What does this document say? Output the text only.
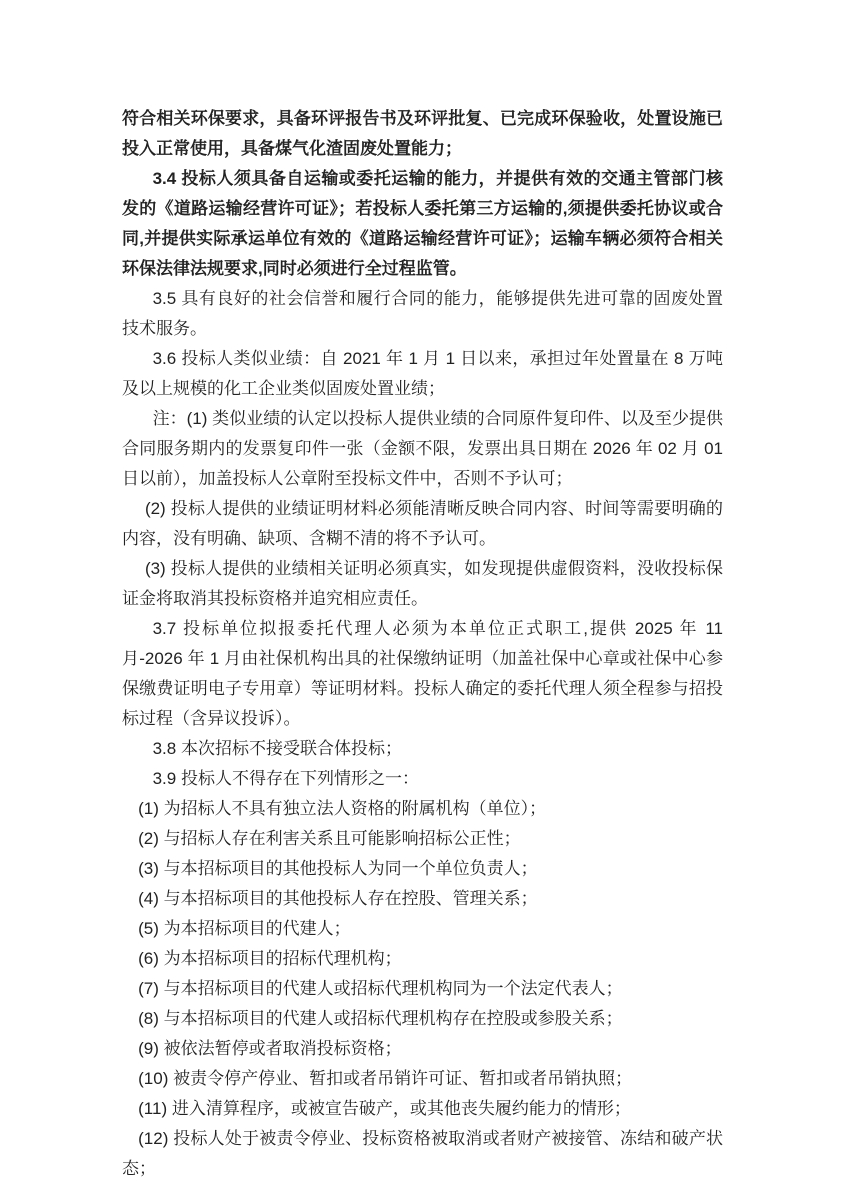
符合相关环保要求，具备环评报告书及环评批复、已完成环保验收，处置设施已投入正常使用，具备煤气化渣固废处置能力；

3.4 投标人须具备自运输或委托运输的能力，并提供有效的交通主管部门核发的《道路运输经营许可证》；若投标人委托第三方运输的,须提供委托协议或合同,并提供实际承运单位有效的《道路运输经营许可证》；运输车辆必须符合相关环保法律法规要求,同时必须进行全过程监管。

3.5 具有良好的社会信誉和履行合同的能力，能够提供先进可靠的固废处置技术服务。

3.6 投标人类似业绩：自 2021 年 1 月 1 日以来，承担过年处置量在 8 万吨及以上规模的化工企业类似固废处置业绩；

注：(1) 类似业绩的认定以投标人提供业绩的合同原件复印件、以及至少提供合同服务期内的发票复印件一张（金额不限，发票出具日期在 2026 年 02 月 01 日以前），加盖投标人公章附至投标文件中，否则不予认可；

(2) 投标人提供的业绩证明材料必须能清晰反映合同内容、时间等需要明确的内容，没有明确、缺项、含糊不清的将不予认可。

(3) 投标人提供的业绩相关证明必须真实，如发现提供虚假资料，没收投标保证金将取消其投标资格并追究相应责任。

3.7 投标单位拟报委托代理人必须为本单位正式职工,提供 2025 年 11 月-2026 年 1 月由社保机构出具的社保缴纳证明（加盖社保中心章或社保中心参保缴费证明电子专用章）等证明材料。投标人确定的委托代理人须全程参与招投标过程（含异议投诉）。

3.8 本次招标不接受联合体投标；

3.9 投标人不得存在下列情形之一：

(1) 为招标人不具有独立法人资格的附属机构（单位）；

(2) 与招标人存在利害关系且可能影响招标公正性；

(3) 与本招标项目的其他投标人为同一个单位负责人；

(4) 与本招标项目的其他投标人存在控股、管理关系；

(5) 为本招标项目的代建人；

(6) 为本招标项目的招标代理机构；

(7) 与本招标项目的代建人或招标代理机构同为一个法定代表人；

(8) 与本招标项目的代建人或招标代理机构存在控股或参股关系；

(9) 被依法暂停或者取消投标资格；

(10) 被责令停产停业、暂扣或者吊销许可证、暂扣或者吊销执照；

(11) 进入清算程序，或被宣告破产，或其他丧失履约能力的情形；

(12) 投标人处于被责令停业、投标资格被取消或者财产被接管、冻结和破产状态；
